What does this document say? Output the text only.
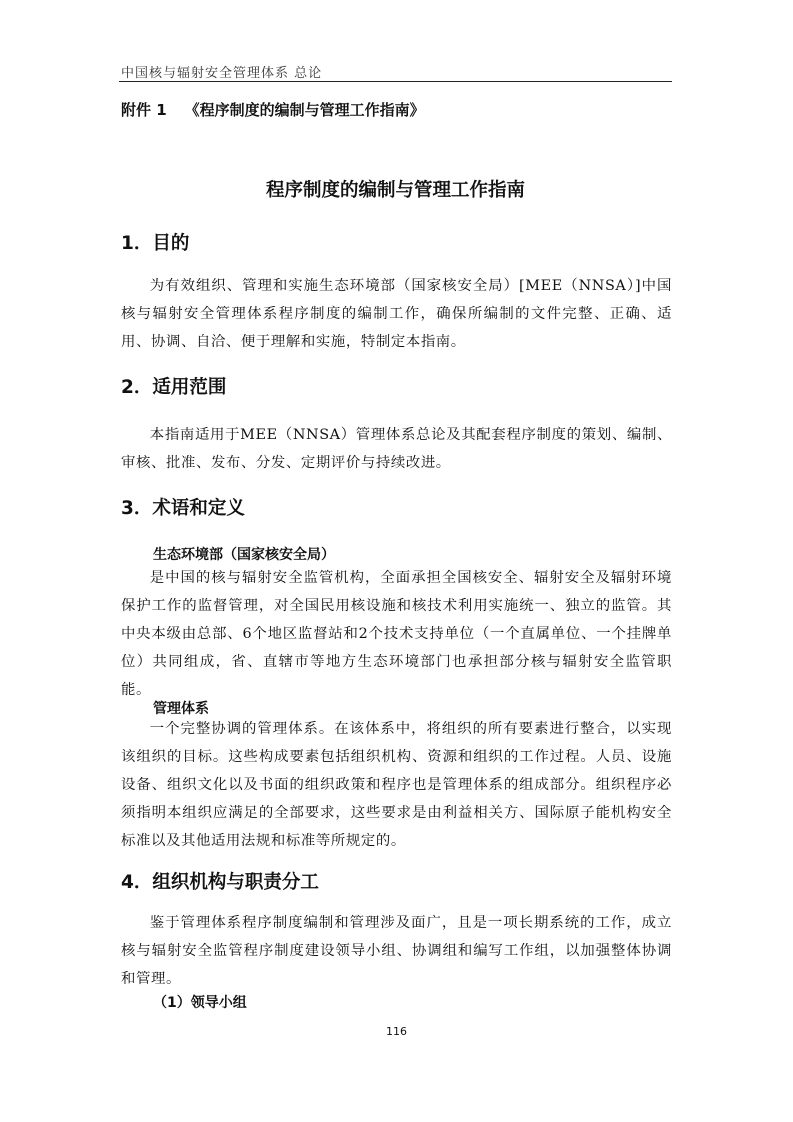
中国核与辐射安全管理体系 总论
附件 1 《程序制度的编制与管理工作指南》
程序制度的编制与管理工作指南
1．目的

为有效组织、管理和实施生态环境部（国家核安全局）[MEE（NNSA）]中国核与辐射安全管理体系程序制度的编制工作，确保所编制的文件完整、正确、适用、协调、自洽、便于理解和实施，特制定本指南。

2．适用范围

本指南适用于MEE（NNSA）管理体系总论及其配套程序制度的策划、编制、审核、批准、发布、分发、定期评价与持续改进。

3．术语和定义
生态环境部（国家核安全局）

是中国的核与辐射安全监管机构，全面承担全国核安全、辐射安全及辐射环境保护工作的监督管理，对全国民用核设施和核技术利用实施统一、独立的监管。其中央本级由总部、6个地区监督站和2个技术支持单位（一个直属单位、一个挂牌单位）共同组成，省、直辖市等地方生态环境部门也承担部分核与辐射安全监管职能。

管理体系

一个完整协调的管理体系。在该体系中，将组织的所有要素进行整合，以实现该组织的目标。这些构成要素包括组织机构、资源和组织的工作过程。人员、设施设备、组织文化以及书面的组织政策和程序也是管理体系的组成部分。组织程序必须指明本组织应满足的全部要求，这些要求是由利益相关方、国际原子能机构安全标准以及其他适用法规和标准等所规定的。

4．组织机构与职责分工

鉴于管理体系程序制度编制和管理涉及面广，且是一项长期系统的工作，成立核与辐射安全监管程序制度建设领导小组、协调组和编写工作组，以加强整体协调和管理。

（1）领导小组
116
